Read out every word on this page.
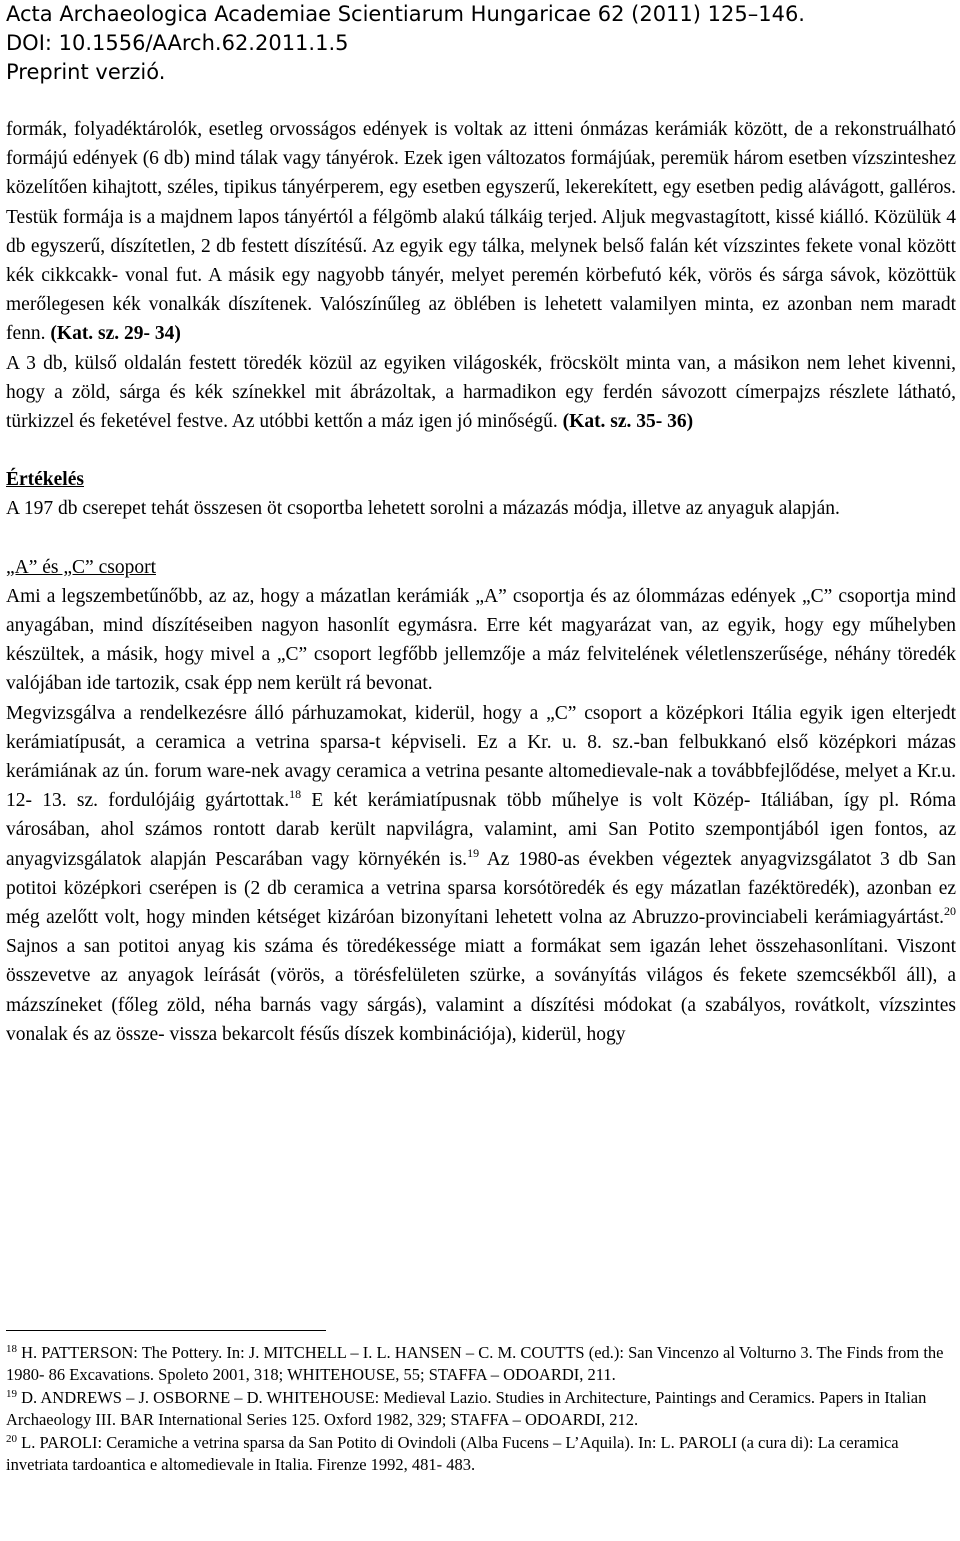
Acta Archaeologica Academiae Scientiarum Hungaricae 62 (2011) 125–146.
DOI: 10.1556/AArch.62.2011.1.5
Preprint verzió.

formák, folyadéktárolók, esetleg orvosságos edények is voltak az itteni ónmázas kerámiák között, de a rekonstruálható formájú edények (6 db) mind tálak vagy tányérok. Ezek igen változatos formájúak, peremük három esetben vízszinteshez közelítően kihajtott, széles, tipikus tányérperem, egy esetben egyszerű, lekerekített, egy esetben pedig alávágott, galléros. Testük formája is a majdnem lapos tányértól a félgömb alakú tálkáig terjed. Aljuk megvastagított, kissé kiálló. Közülük 4 db egyszerű, díszítetlen, 2 db festett díszítésű. Az egyik egy tálka, melynek belső falán két vízszintes fekete vonal között kék cikkcakk- vonal fut. A másik egy nagyobb tányér, melyet peremén körbefutó kék, vörös és sárga sávok, közöttük merőlegesen kék vonalkák díszítenek. Valószínűleg az öblében is lehetett valamilyen minta, ez azonban nem maradt fenn. (Kat. sz. 29- 34)

A 3 db, külső oldalán festett töredék közül az egyiken világoskék, fröcskölt minta van, a másikon nem lehet kivenni, hogy a zöld, sárga és kék színekkel mit ábrázoltak, a harmadikon egy ferdén sávozott címerpajzs részlete látható, türkizzel és feketével festve. Az utóbbi kettőn a máz igen jó minőségű. (Kat. sz. 35- 36)

Értékelés

A 197 db cserepet tehát összesen öt csoportba lehetett sorolni a mázazás módja, illetve az anyaguk alapján.

„A” és „C” csoport

Ami a legszembetűnőbb, az az, hogy a mázatlan kerámiák „A” csoportja és az ólommázas edények „C” csoportja mind anyagában, mind díszítéseiben nagyon hasonlít egymásra. Erre két magyarázat van, az egyik, hogy egy műhelyben készültek, a másik, hogy mivel a „C” csoport legfőbb jellemzője a máz felvitelének véletlenszerűsége, néhány töredék valójában ide tartozik, csak épp nem került rá bevonat.

Megvizsgálva a rendelkezésre álló párhuzamokat, kiderül, hogy a „C” csoport a középkori Itália egyik igen elterjedt kerámiatípusát, a ceramica a vetrina sparsa-t képviseli. Ez a Kr. u. 8. sz.-ban felbukkanó első középkori mázas kerámiának az ún. forum ware-nek avagy ceramica a vetrina pesante altomedievale-nak a továbbfejlődése, melyet a Kr.u. 12- 13. sz. fordulójáig gyártottak.$^{18}$ E két kerámiatípusnak több műhelye is volt Közép- Itáliában, így pl. Róma városában, ahol számos rontott darab került napvilágra, valamint, ami San Potito szempontjából igen fontos, az anyagvizsgálatok alapján Pescarában vagy környékén is.$^{19}$ Az 1980-as években végeztek anyagvizsgálatot 3 db San potitoi középkori cserépen is (2 db ceramica a vetrina sparsa korsótöredék és egy mázatlan fazéktöredék), azonban ez még azelőtt volt, hogy minden kétséget kizáróan bizonyítani lehetett volna az Abruzzo-provinciabeli kerámiagyártást.$^{20}$ Sajnos a san potitoi anyag kis száma és töredékessége miatt a formákat sem igazán lehet összehasonlítani. Viszont összevetve az anyagok leírását (vörös, a törésfelületen szürke, a soványítás világos és fekete szemcsékből áll), a mázszíneket (főleg zöld, néha barnás vagy sárgás), valamint a díszítési módokat (a szabályos, rovátkolt, vízszintes vonalak és az össze- vissza bekarcolt fésűs díszek kombinációja), kiderül, hogy

$^{18}$ H. PATTERSON: The Pottery. In: J. MITCHELL – I. L. HANSEN – C. M. COUTTS (ed.): San Vincenzo al Volturno 3. The Finds from the 1980- 86 Excavations. Spoleto 2001, 318; WHITEHOUSE, 55; STAFFA – ODOARDI, 211.

$^{19}$ D. ANDREWS – J. OSBORNE – D. WHITEHOUSE: Medieval Lazio. Studies in Architecture, Paintings and Ceramics. Papers in Italian Archaeology III. BAR International Series 125. Oxford 1982, 329; STAFFA – ODOARDI, 212.

$^{20}$ L. PAROLI: Ceramiche a vetrina sparsa da San Potito di Ovindoli (Alba Fucens – L’Aquila). In: L. PAROLI (a cura di): La ceramica invetriata tardoantica e altomedievale in Italia. Firenze 1992, 481- 483.
